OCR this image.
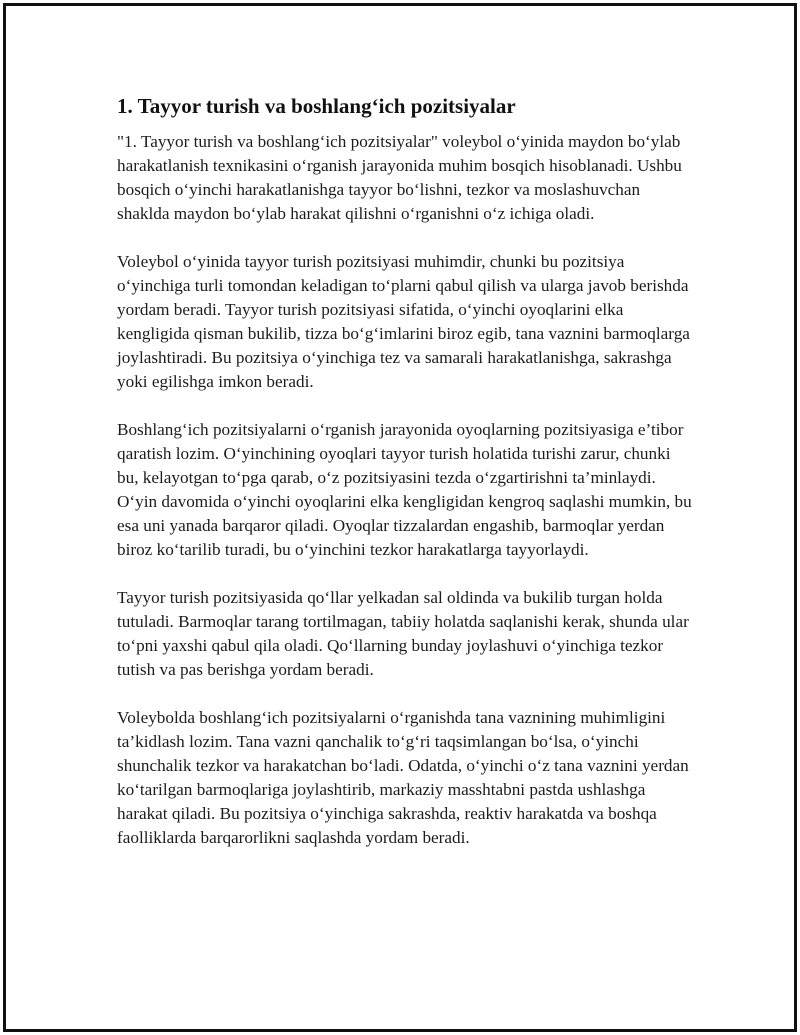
1. Tayyor turish va boshlang‘ich pozitsiyalar

"1. Tayyor turish va boshlang‘ich pozitsiyalar" voleybol o‘yinida maydon bo‘ylab harakatlanish texnikasini o‘rganish jarayonida muhim bosqich hisoblanadi. Ushbu bosqich o‘yinchi harakatlanishga tayyor bo‘lishni, tezkor va moslashuvchan shaklda maydon bo‘ylab harakat qilishni o‘rganishni o‘z ichiga oladi.

Voleybol o‘yinida tayyor turish pozitsiyasi muhimdir, chunki bu pozitsiya o‘yinchiga turli tomondan keladigan to‘plarni qabul qilish va ularga javob berishda yordam beradi. Tayyor turish pozitsiyasi sifatida, o‘yinchi oyoqlarini elka kengligida qisman bukilib, tizza bo‘g‘imlarini biroz egib, tana vaznini barmoqlarga joylashtiradi. Bu pozitsiya o‘yinchiga tez va samarali harakatlanishga, sakrashga yoki egilishga imkon beradi.

Boshlang‘ich pozitsiyalarni o‘rganish jarayonida oyoqlarning pozitsiyasiga e’tibor qaratish lozim. O‘yinchining oyoqlari tayyor turish holatida turishi zarur, chunki bu, kelayotgan to‘pga qarab, o‘z pozitsiyasini tezda o‘zgartirishni ta’minlaydi. O‘yin davomida o‘yinchi oyoqlarini elka kengligidan kengroq saqlashi mumkin, bu esa uni yanada barqaror qiladi. Oyoqlar tizzalardan engashib, barmoqlar yerdan biroz ko‘tarilib turadi, bu o‘yinchini tezkor harakatlarga tayyorlaydi.

Tayyor turish pozitsiyasida qo‘llar yelkadan sal oldinda va bukilib turgan holda tutuladi. Barmoqlar tarang tortilmagan, tabiiy holatda saqlanishi kerak, shunda ular to‘pni yaxshi qabul qila oladi. Qo‘llarning bunday joylashuvi o‘yinchiga tezkor tutish va pas berishga yordam beradi.

Voleybolda boshlang‘ich pozitsiyalarni o‘rganishda tana vaznining muhimligini ta’kidlash lozim. Tana vazni qanchalik to‘g‘ri taqsimlangan bo‘lsa, o‘yinchi shunchalik tezkor va harakatchan bo‘ladi. Odatda, o‘yinchi o‘z tana vaznini yerdan ko‘tarilgan barmoqlariga joylashtirib, markaziy masshtabni pastda ushlashga harakat qiladi. Bu pozitsiya o‘yinchiga sakrashda, reaktiv harakatda va boshqa faolliklarda barqarorlikni saqlashda yordam beradi.
